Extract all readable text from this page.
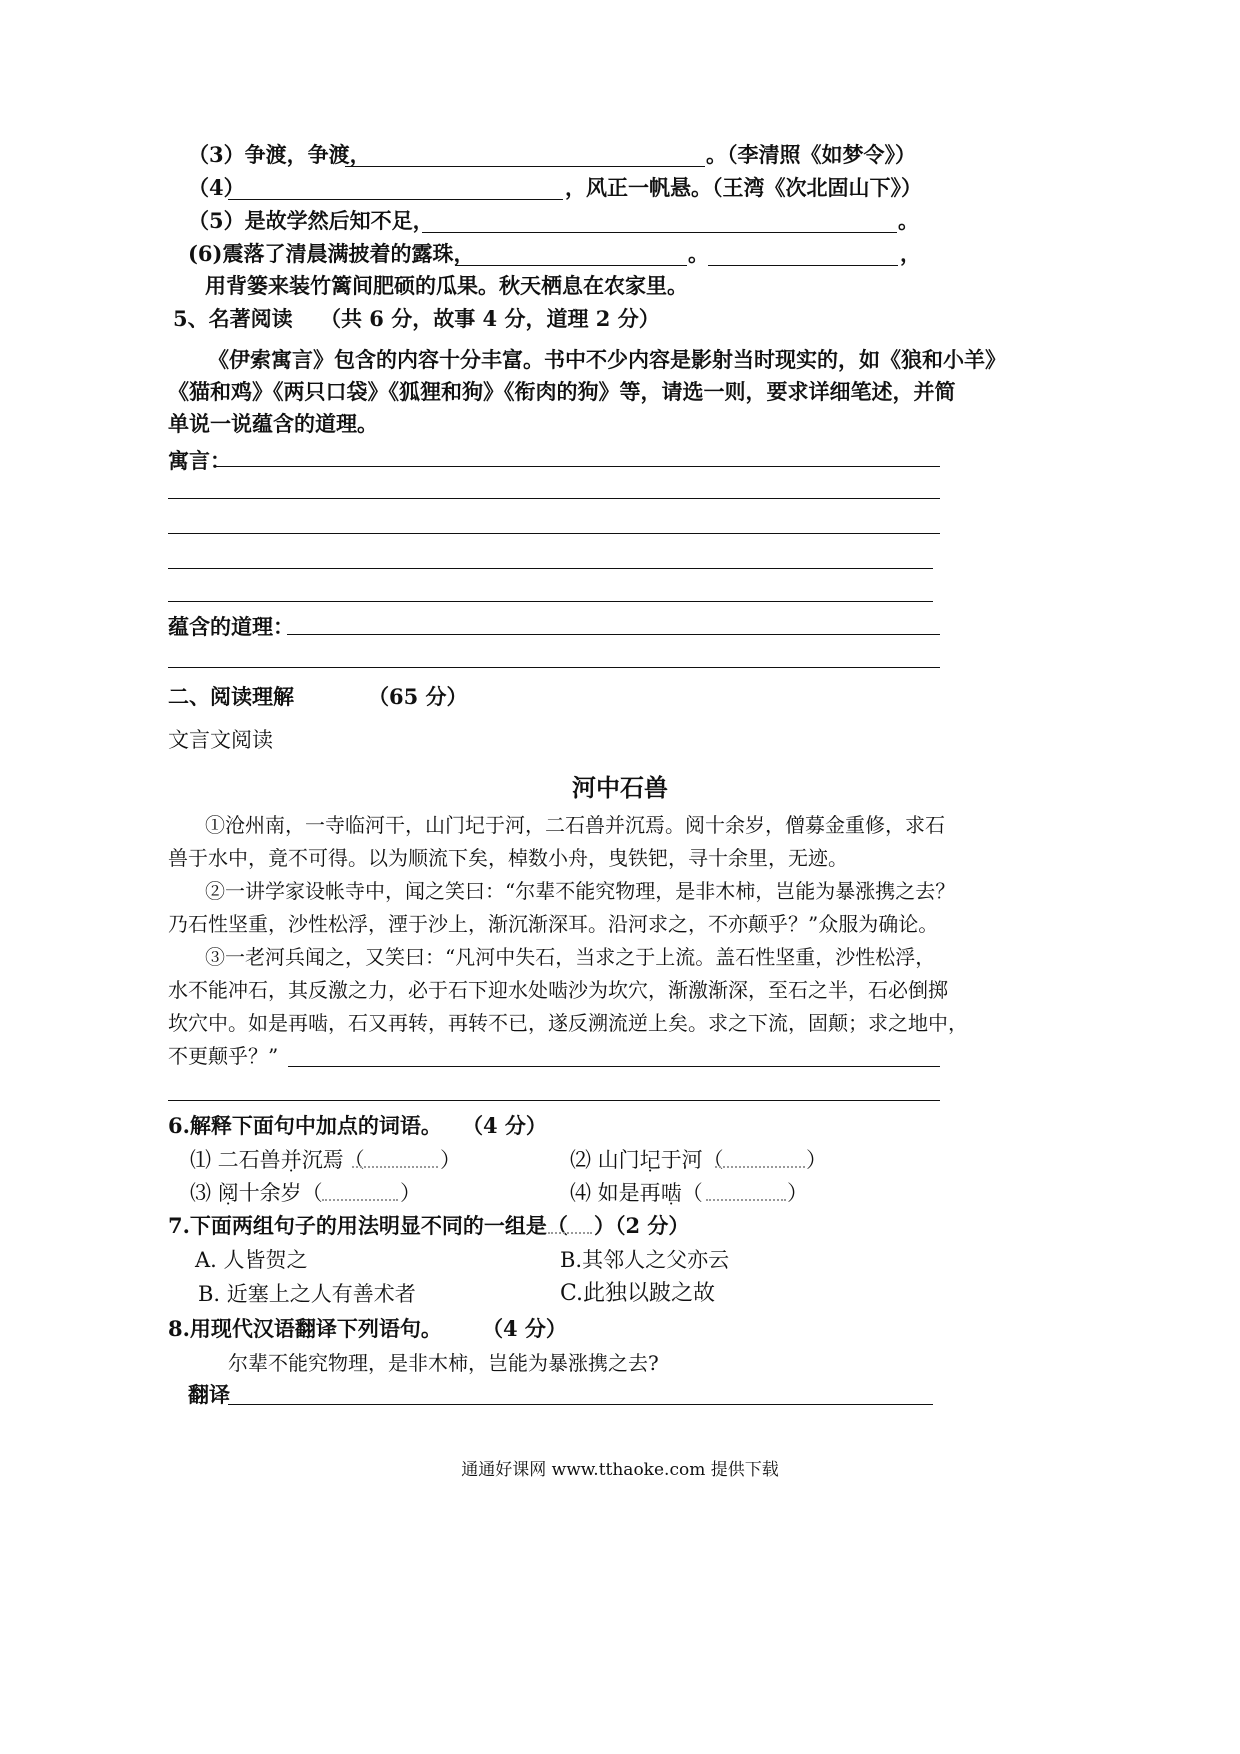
（3）争渡，争渡，	。（李清照《如梦令》）
（4）	，风正一帆悬。（王湾《次北固山下》）
（5）是故学然后知不足，	。
(6)震落了清晨满披着的露珠，	。	，
用背篓来装竹篱间肥硕的瓜果。秋天栖息在农家里。
5、名著阅读 （共 6 分，故事 4 分，道理 2 分）
《伊索寓言》包含的内容十分丰富。书中不少内容是影射当时现实的，如《狼和小羊》
《猫和鸡》《两只口袋》《狐狸和狗》《衔肉的狗》等，请选一则，要求详细笔述，并简
单说一说蕴含的道理。
寓言：
蕴含的道理：
二、阅读理解	（65 分）
文言文阅读
河中石兽
①沧州南，一寺临河干，山门圮于河，二石兽并沉焉。阅十余岁，僧募金重修，求石
兽于水中，竟不可得。以为顺流下矣，棹数小舟，曳铁钯，寻十余里，无迹。
②一讲学家设帐寺中，闻之笑曰：“尔辈不能究物理，是非木柿，岂能为暴涨携之去？
乃石性坚重，沙性松浮，湮于沙上，渐沉渐深耳。沿河求之，不亦颠乎？”众服为确论。
③一老河兵闻之，又笑曰：“凡河中失石，当求之于上流。盖石性坚重，沙性松浮，
水不能冲石，其反激之力，必于石下迎水处啮沙为坎穴，渐激渐深，至石之半，石必倒掷
坎穴中。如是再啮，石又再转，再转不已，遂反溯流逆上矣。求之下流，固颠；求之地中，
不更颠乎？”
6.解释下面句中加点的词语。 （4 分）
⑴ 二石兽并沉焉（	）	⑵ 山门圮于河（	）
⑶ 阅十余岁（	）	⑷ 如是再啮（	）
7.下面两组句子的用法明显不同的一组是（ ）（2 分）
A. 人皆贺之	B.其邻人之父亦云
B. 近塞上之人有善术者	C.此独以跛之故
8.用现代汉语翻译下列语句。 （4 分）
尔辈不能究物理，是非木柿，岂能为暴涨携之去?
翻译
通通好课网 www.tthaoke.com 提供下载
